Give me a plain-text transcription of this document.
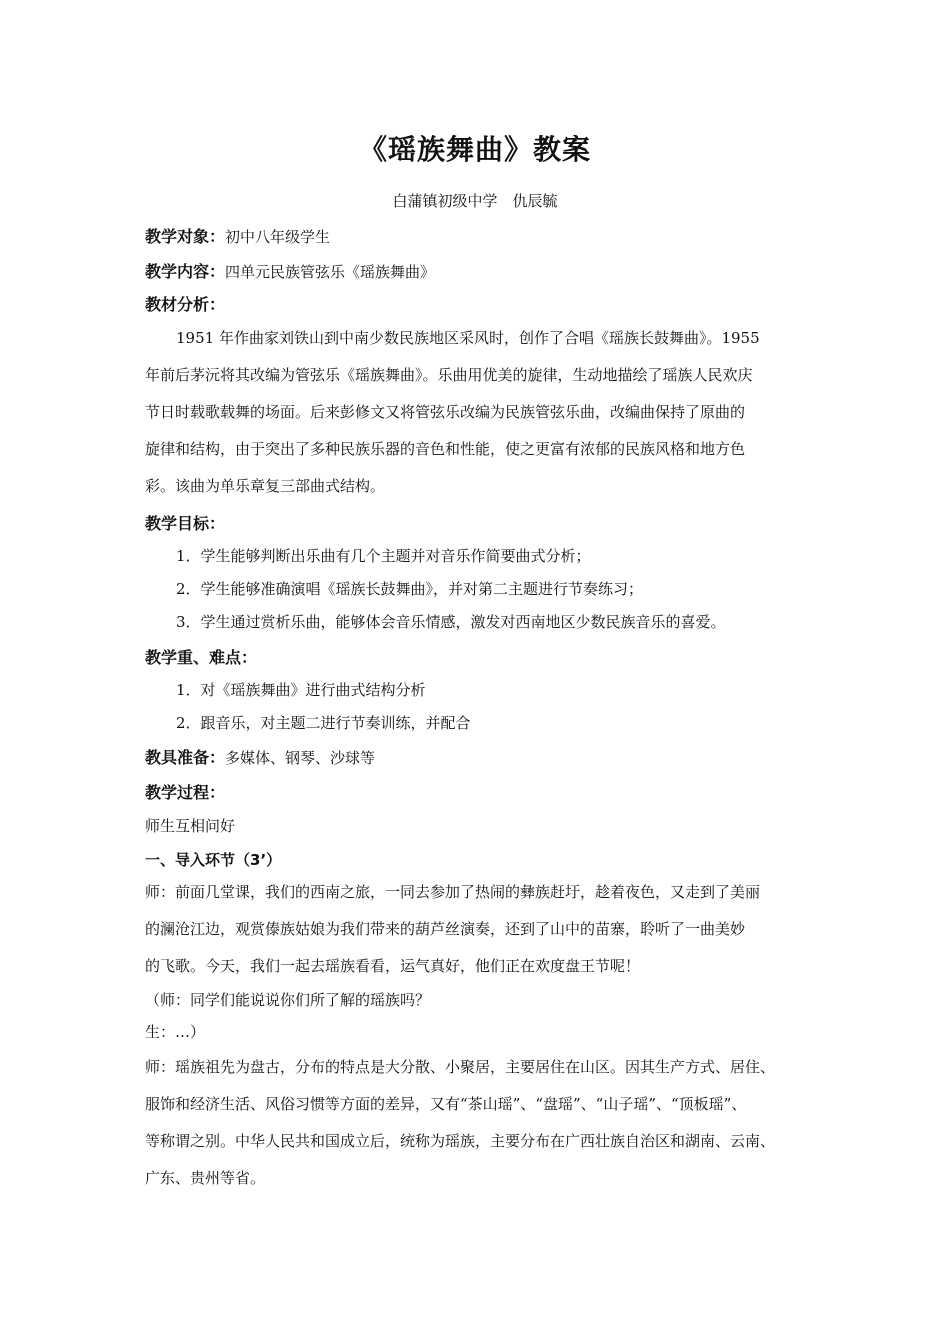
《瑶族舞曲》教案
白蒲镇初级中学　仇辰毓
教学对象：初中八年级学生
教学内容：四单元民族管弦乐《瑶族舞曲》
教材分析：
1951 年作曲家刘铁山到中南少数民族地区采风时，创作了合唱《瑶族长鼓舞曲》。1955
年前后茅沅将其改编为管弦乐《瑶族舞曲》。乐曲用优美的旋律，生动地描绘了瑶族人民欢庆
节日时载歌载舞的场面。后来彭修文又将管弦乐改编为民族管弦乐曲，改编曲保持了原曲的
旋律和结构，由于突出了多种民族乐器的音色和性能，使之更富有浓郁的民族风格和地方色
彩。该曲为单乐章复三部曲式结构。
教学目标：
1．学生能够判断出乐曲有几个主题并对音乐作简要曲式分析；
2．学生能够准确演唱《瑶族长鼓舞曲》，并对第二主题进行节奏练习；
3．学生通过赏析乐曲，能够体会音乐情感，激发对西南地区少数民族音乐的喜爱。
教学重、难点：
1．对《瑶族舞曲》进行曲式结构分析
2．跟音乐，对主题二进行节奏训练，并配合
教具准备：多媒体、钢琴、沙球等
教学过程：
师生互相问好
一、导入环节（3’）
师：前面几堂课，我们的西南之旅，一同去参加了热闹的彝族赶圩，趁着夜色，又走到了美丽
的澜沧江边，观赏傣族姑娘为我们带来的葫芦丝演奏，还到了山中的苗寨，聆听了一曲美妙
的飞歌。今天，我们一起去瑶族看看，运气真好，他们正在欢度盘王节呢！
（师：同学们能说说你们所了解的瑶族吗？
生：…）
师：瑶族祖先为盘古，分布的特点是大分散、小聚居，主要居住在山区。因其生产方式、居住、
服饰和经济生活、风俗习惯等方面的差异，又有“茶山瑶”、“盘瑶”、“山子瑶”、“顶板瑶”、
等称谓之别。中华人民共和国成立后，统称为瑶族，主要分布在广西壮族自治区和湖南、云南、
广东、贵州等省。
